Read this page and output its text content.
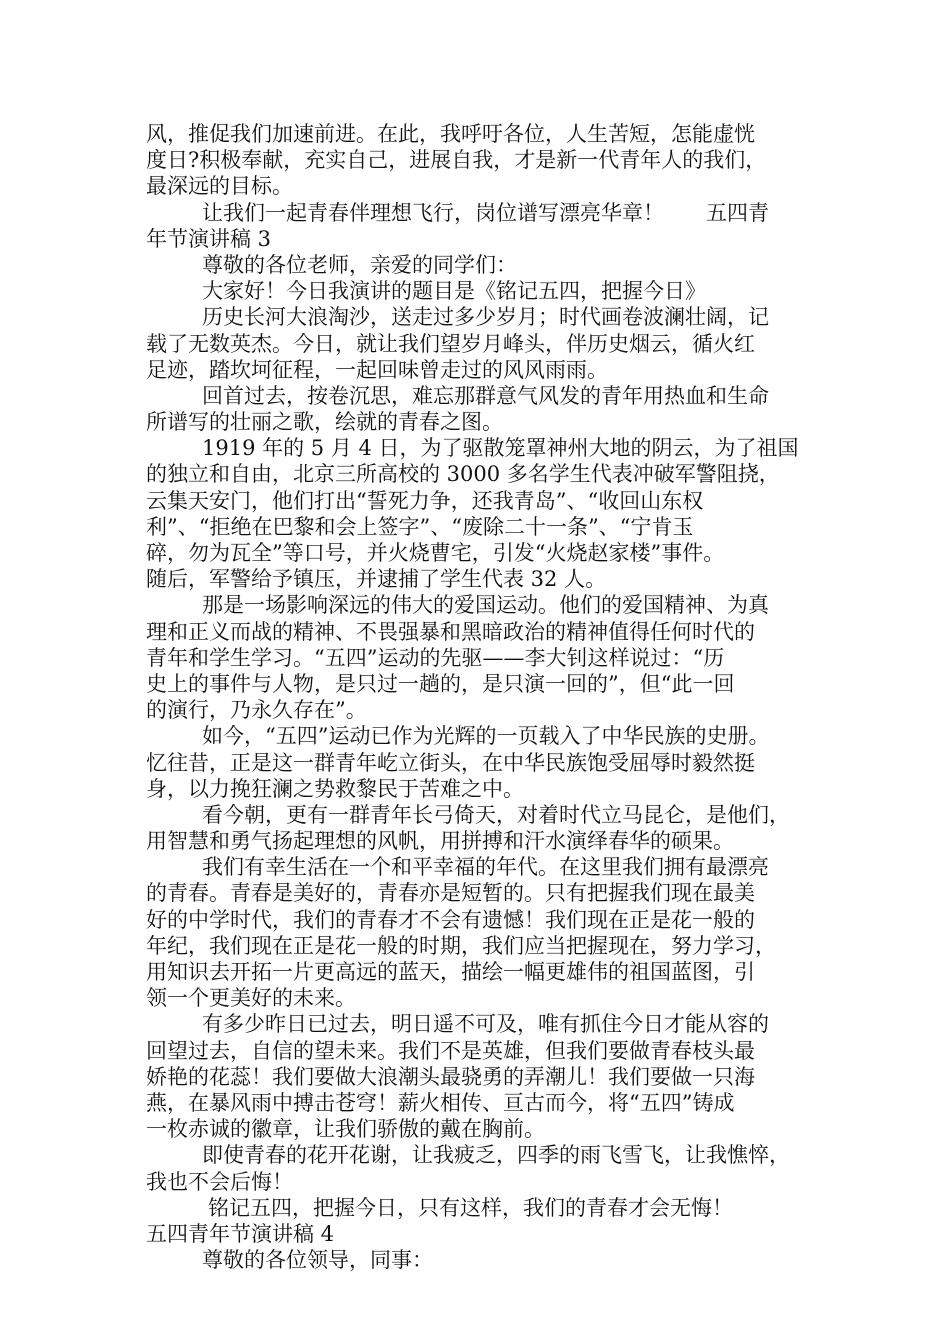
风，推促我们加速前进。在此，我呼吁各位，人生苦短，怎能虚恍
度日?积极奉献，充实自己，进展自我，才是新一代青年人的我们，
最深远的目标。
让我们一起青春伴理想飞行，岗位谱写漂亮华章！ 五四青
年节演讲稿 3
尊敬的各位老师，亲爱的同学们：
大家好！今日我演讲的题目是《铭记五四，把握今日》
历史长河大浪淘沙，送走过多少岁月；时代画卷波澜壮阔，记
载了无数英杰。今日，就让我们望岁月峰头，伴历史烟云，循火红
足迹，踏坎坷征程，一起回味曾走过的风风雨雨。
回首过去，按卷沉思，难忘那群意气风发的青年用热血和生命
所谱写的壮丽之歌，绘就的青春之图。
1919 年的 5 月 4 日，为了驱散笼罩神州大地的阴云，为了祖国
的独立和自由，北京三所高校的 3000 多名学生代表冲破军警阻挠，
云集天安门，他们打出“誓死力争，还我青岛”、“收回山东权
利”、“拒绝在巴黎和会上签字”、“废除二十一条”、“宁肯玉
碎，勿为瓦全”等口号，并火烧曹宅，引发“火烧赵家楼”事件。
随后，军警给予镇压，并逮捕了学生代表 32 人。
那是一场影响深远的伟大的爱国运动。他们的爱国精神、为真
理和正义而战的精神、不畏强暴和黑暗政治的精神值得任何时代的
青年和学生学习。“五四”运动的先驱——李大钊这样说过：“历
史上的事件与人物，是只过一趟的，是只演一回的”，但“此一回
的演行，乃永久存在”。
如今，“五四”运动已作为光辉的一页载入了中华民族的史册。
忆往昔，正是这一群青年屹立街头，在中华民族饱受屈辱时毅然挺
身，以力挽狂澜之势救黎民于苦难之中。
看今朝，更有一群青年长弓倚天，对着时代立马昆仑，是他们，
用智慧和勇气扬起理想的风帆，用拼搏和汗水演绎春华的硕果。
我们有幸生活在一个和平幸福的年代。在这里我们拥有最漂亮
的青春。青春是美好的，青春亦是短暂的。只有把握我们现在最美
好的中学时代，我们的青春才不会有遗憾！我们现在正是花一般的
年纪，我们现在正是花一般的时期，我们应当把握现在，努力学习，
用知识去开拓一片更高远的蓝天，描绘一幅更雄伟的祖国蓝图，引
领一个更美好的未来。
有多少昨日已过去，明日遥不可及，唯有抓住今日才能从容的
回望过去，自信的望未来。我们不是英雄，但我们要做青春枝头最
娇艳的花蕊！我们要做大浪潮头最骁勇的弄潮儿！我们要做一只海
燕，在暴风雨中搏击苍穹！薪火相传、亘古而今，将“五四”铸成
一枚赤诚的徽章，让我们骄傲的戴在胸前。
即使青春的花开花谢，让我疲乏，四季的雨飞雪飞，让我憔悴，
我也不会后悔！
铭记五四，把握今日，只有这样，我们的青春才会无悔！
五四青年节演讲稿 4
尊敬的各位领导，同事：
